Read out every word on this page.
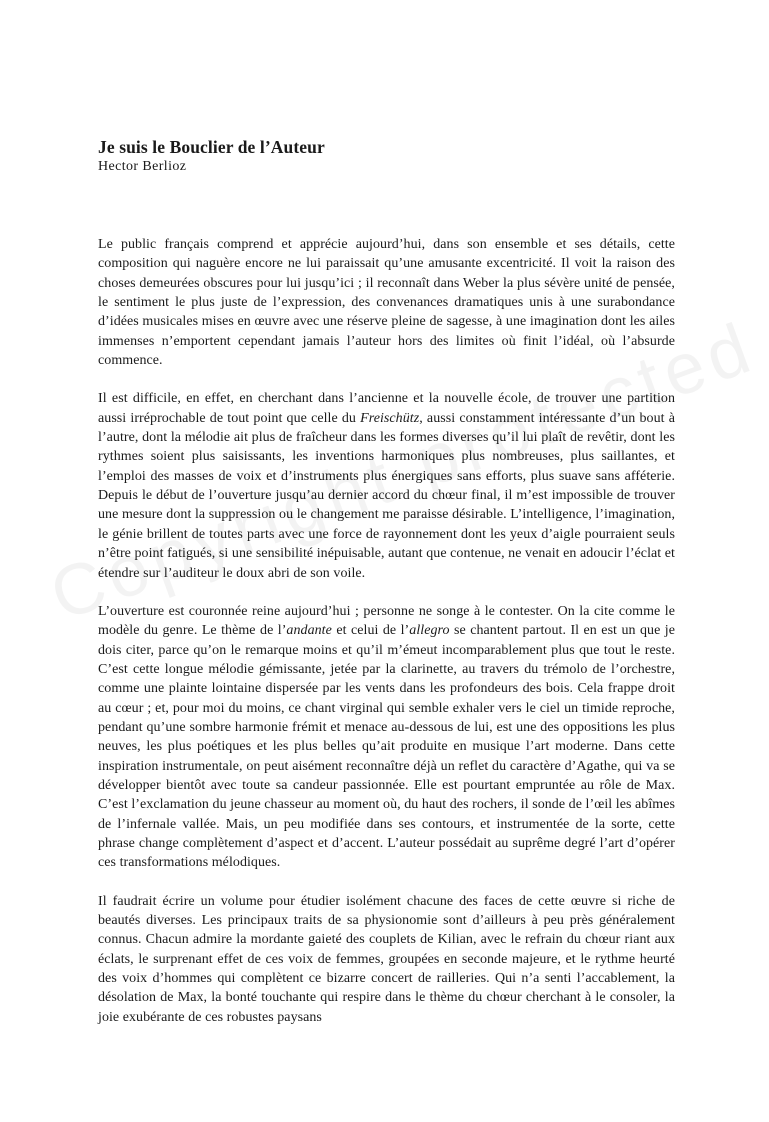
Je suis le Bouclier de l’Auteur

Hector Berlioz

Le public français comprend et apprécie aujourd’hui, dans son ensemble et ses détails, cette composition qui naguère encore ne lui paraissait qu’une amusante excentricité. Il voit la raison des choses demeurées obscures pour lui jusqu’ici ; il reconnaît dans Weber la plus sévère unité de pensée, le sentiment le plus juste de l’expression, des convenances dramatiques unis à une surabondance d’idées musicales mises en œuvre avec une réserve pleine de sagesse, à une imagination dont les ailes immenses n’emportent cependant jamais l’auteur hors des limites où finit l’idéal, où l’absurde commence.

Il est difficile, en effet, en cherchant dans l’ancienne et la nouvelle école, de trouver une partition aussi irréprochable de tout point que celle du Freischütz, aussi constamment intéressante d’un bout à l’autre, dont la mélodie ait plus de fraîcheur dans les formes diverses qu’il lui plaît de revêtir, dont les rythmes soient plus saisissants, les inventions harmoniques plus nombreuses, plus saillantes, et l’emploi des masses de voix et d’instruments plus énergiques sans efforts, plus suave sans afféterie. Depuis le début de l’ouverture jusqu’au dernier accord du chœur final, il m’est impossible de trouver une mesure dont la suppression ou le changement me paraisse désirable. L’intelligence, l’imagination, le génie brillent de toutes parts avec une force de rayonnement dont les yeux d’aigle pourraient seuls n’être point fatigués, si une sensibilité inépuisable, autant que contenue, ne venait en adoucir l’éclat et étendre sur l’auditeur le doux abri de son voile.

L’ouverture est couronnée reine aujourd’hui ; personne ne songe à le contester. On la cite comme le modèle du genre. Le thème de l’andante et celui de l’allegro se chantent partout. Il en est un que je dois citer, parce qu’on le remarque moins et qu’il m’émeut incomparablement plus que tout le reste. C’est cette longue mélodie gémissante, jetée par la clarinette, au travers du trémolo de l’orchestre, comme une plainte lointaine dispersée par les vents dans les profondeurs des bois. Cela frappe droit au cœur ; et, pour moi du moins, ce chant virginal qui semble exhaler vers le ciel un timide reproche, pendant qu’une sombre harmonie frémit et menace au-dessous de lui, est une des oppositions les plus neuves, les plus poétiques et les plus belles qu’ait produite en musique l’art moderne. Dans cette inspiration instrumentale, on peut aisément reconnaître déjà un reflet du caractère d’Agathe, qui va se développer bientôt avec toute sa candeur passionnée. Elle est pourtant empruntée au rôle de Max. C’est l’exclamation du jeune chasseur au moment où, du haut des rochers, il sonde de l’œil les abîmes de l’infernale vallée. Mais, un peu modifiée dans ses contours, et instrumentée de la sorte, cette phrase change complètement d’aspect et d’accent. L’auteur possédait au suprême degré l’art d’opérer ces transformations mélodiques.

Il faudrait écrire un volume pour étudier isolément chacune des faces de cette œuvre si riche de beautés diverses. Les principaux traits de sa physionomie sont d’ailleurs à peu près généralement connus. Chacun admire la mordante gaieté des couplets de Kilian, avec le refrain du chœur riant aux éclats, le surprenant effet de ces voix de femmes, groupées en seconde majeure, et le rythme heurté des voix d’hommes qui complètent ce bizarre concert de railleries. Qui n’a senti l’accablement, la désolation de Max, la bonté touchante qui respire dans le thème du chœur cherchant à le consoler, la joie exubérante de ces robustes paysans
